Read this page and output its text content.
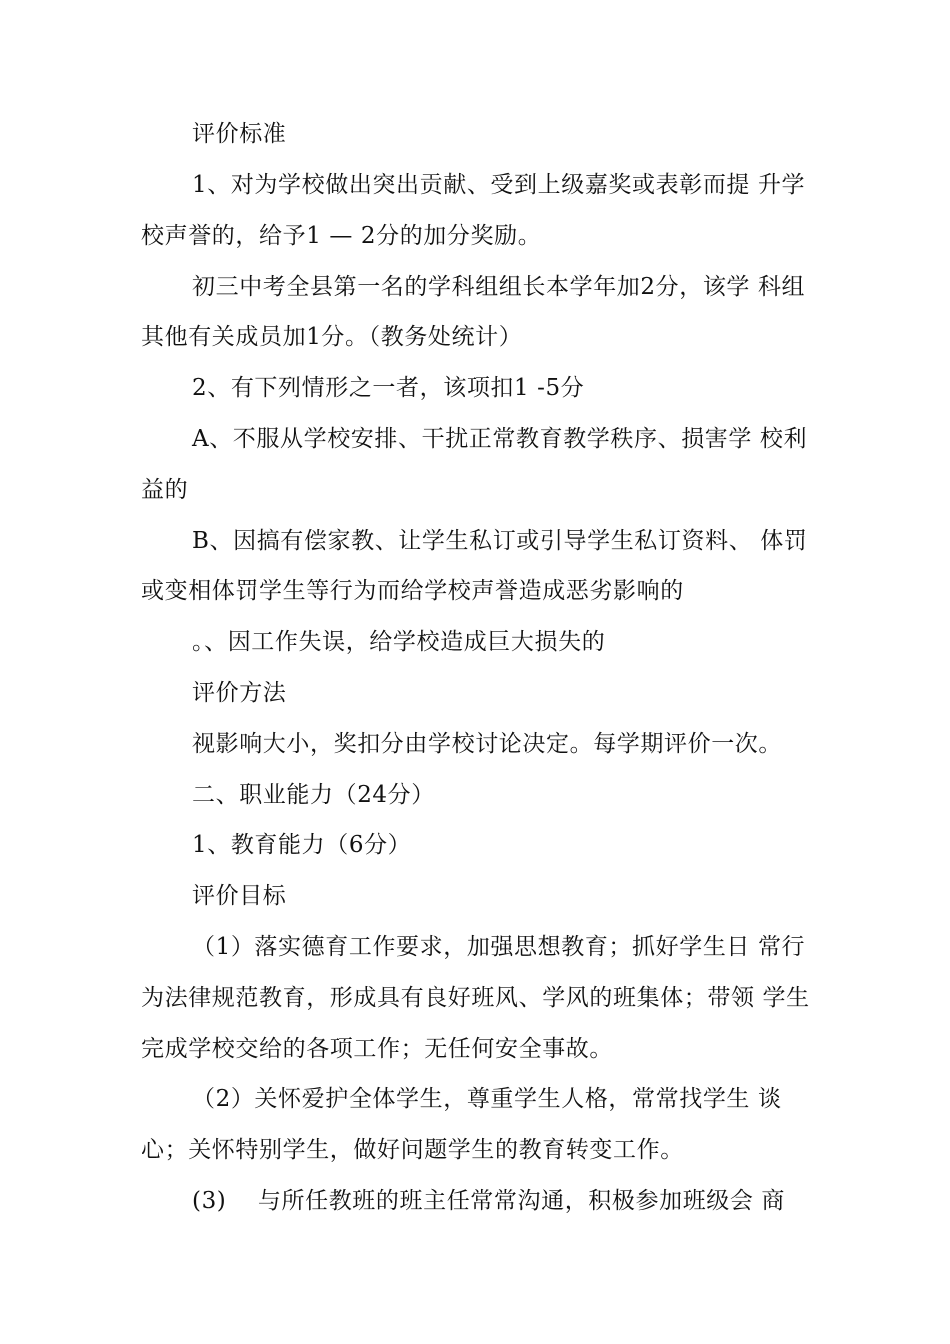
评价标准

1、对为学校做出突出贡献、受到上级嘉奖或表彰而提 升学

校声誉的，给予1 — 2分的加分奖励。

初三中考全县第一名的学科组组长本学年加2分，该学 科组

其他有关成员加1分。（教务处统计）

2、有下列情形之一者，该项扣1 -5分

A、不服从学校安排、干扰正常教育教学秩序、损害学 校利

益的

B、因搞有偿家教、让学生私订或引导学生私订资料、 体罚

或变相体罚学生等行为而给学校声誉造成恶劣影响的

。、因工作失误，给学校造成巨大损失的

评价方法

视影响大小，奖扣分由学校讨论决定。每学期评价一次。

二、职业能力（24分）

1、教育能力（6分）

评价目标

（1）落实德育工作要求，加强思想教育；抓好学生日 常行

为法律规范教育，形成具有良好班风、学风的班集体；带领 学生

完成学校交给的各项工作；无任何安全事故。

（2）关怀爱护全体学生，尊重学生人格，常常找学生 谈

心；关怀特别学生，做好问题学生的教育转变工作。

(3)　 与所任教班的班主任常常沟通，积极参加班级会 商
